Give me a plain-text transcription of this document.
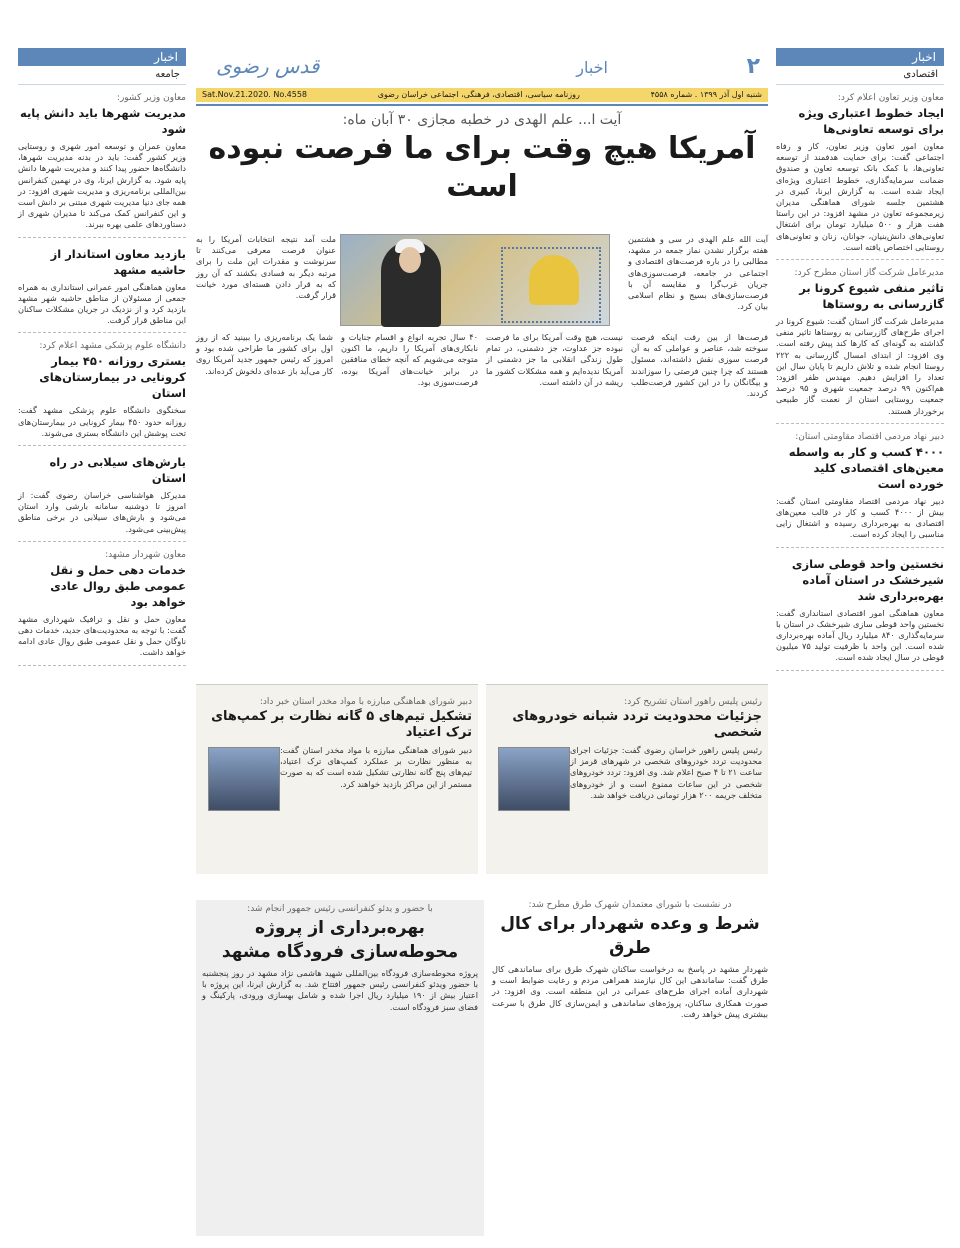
اخبار
اقتصادی
معاون وزیر تعاون اعلام کرد:
ایجاد خطوط اعتباری ویژه برای توسعه تعاونی‌ها
معاون امور تعاون وزیر تعاون، کار و رفاه اجتماعی گفت: برای حمایت هدفمند از توسعه تعاونی‌ها، با کمک بانک توسعه تعاون و صندوق ضمانت سرمایه‌گذاری، خطوط اعتباری ویژه‌ای ایجاد شده است. به گزارش ایرنا، کبیری در هشتمین جلسه شورای هماهنگی مدیران زیرمجموعه تعاون در مشهد افزود: در این راستا هفت هزار و ۵۰۰ میلیارد تومان برای اشتغال تعاونی‌های دانش‌بنیان، جوانان، زنان و تعاونی‌های روستایی اختصاص یافته است.
مدیرعامل شرکت گاز استان مطرح کرد:
تاثیر منفی شیوع کرونا بر گازرسانی به روستاها
مدیرعامل شرکت گاز استان گفت: شیوع کرونا در اجرای طرح‌های گازرسانی به روستاها تاثیر منفی گذاشته به گونه‌ای که کارها کند پیش رفته است. وی افزود: از ابتدای امسال گازرسانی به ۲۲۲ روستا انجام شده و تلاش داریم تا پایان سال این تعداد را افزایش دهیم. مهندس ظفر افزود: هم‌اکنون ۹۹ درصد جمعیت شهری و ۹۵ درصد جمعیت روستایی استان از نعمت گاز طبیعی برخوردار هستند.
دبیر نهاد مردمی اقتصاد مقاومتی استان:
۴۰۰۰ کسب و کار به واسطه معین‌های اقتصادی کلید خورده است
دبیر نهاد مردمی اقتصاد مقاومتی استان گفت: بیش از ۴۰۰۰ کسب و کار در قالب معین‌های اقتصادی به بهره‌برداری رسیده و اشتغال زایی مناسبی را ایجاد کرده است.
نخستین واحد قوطی سازی شیرخشک در استان آماده بهره‌برداری شد
معاون هماهنگی امور اقتصادی استانداری گفت: نخستین واحد قوطی سازی شیرخشک در استان با سرمایه‌گذاری ۸۴۰ میلیارد ریال آماده بهره‌برداری شده است. این واحد با ظرفیت تولید ۷۵ میلیون قوطی در سال ایجاد شده است.
اخبار
جامعه
معاون وزیر کشور:
مدیریت شهرها باید دانش پایه شود
معاون عمران و توسعه امور شهری و روستایی وزیر کشور گفت: باید در بدنه مدیریت شهرها، دانشگاه‌ها حضور پیدا کنند و مدیریت شهرها دانش پایه شود. به گزارش ایرنا، وی در نهمین کنفرانس بین‌المللی برنامه‌ریزی و مدیریت شهری افزود: در همه جای دنیا مدیریت شهری مبتنی بر دانش است و این کنفرانس کمک می‌کند تا مدیران شهری از دستاوردهای علمی بهره ببرند.
بازدید معاون استاندار از حاشیه مشهد
معاون هماهنگی امور عمرانی استانداری به همراه جمعی از مسئولان از مناطق حاشیه شهر مشهد بازدید کرد و از نزدیک در جریان مشکلات ساکنان این مناطق قرار گرفت.
دانشگاه علوم پزشکی مشهد اعلام کرد:
بستری روزانه ۴۵۰ بیمار کرونایی در بیمارستان‌های استان
سخنگوی دانشگاه علوم پزشکی مشهد گفت: روزانه حدود ۴۵۰ بیمار کرونایی در بیمارستان‌های تحت پوشش این دانشگاه بستری می‌شوند.
بارش‌های سیلابی در راه استان
مدیرکل هواشناسی خراسان رضوی گفت: از امروز تا دوشنبه سامانه بارشی وارد استان می‌شود و بارش‌های سیلابی در برخی مناطق پیش‌بینی می‌شود.
معاون شهردار مشهد:
خدمات دهی حمل و نقل عمومی طبق روال عادی خواهد بود
معاون حمل و نقل و ترافیک شهرداری مشهد گفت: با توجه به محدودیت‌های جدید، خدمات دهی ناوگان حمل و نقل عمومی طبق روال عادی ادامه خواهد داشت.
۲
اخبار
قدس رضوی
شنبه اول آذر ۱۳۹۹ . شماره ۴۵۵۸
روزنامه سیاسی، اقتصادی، فرهنگی، اجتماعی خراسان رضوی
Sat.Nov.21.2020. No.4558
آیت ا... علم الهدی در خطبه مجازی ۳۰ آبان ماه:
آمریکا هیچ وقت برای ما فرصت نبوده است
آیت الله علم الهدی در سی و هشتمین هفته برگزار نشدن نماز جمعه در مشهد، مطالبی را در باره فرصت‌های اقتصادی و اجتماعی در جامعه، فرصت‌سوزی‌های جریان غرب‌گرا و مقایسه آن با فرصت‌سازی‌های بسیج و نظام اسلامی بیان کرد.
ملت آمد نتیجه انتخابات آمریکا را به عنوان فرصت معرفی می‌کنند تا سرنوشت و مقدرات این ملت را برای مرتبه دیگر به فسادی بکشند که آن روز که به قرار دادن هسته‌ای مورد خیانت قرار گرفت.
فرصت‌ها از بین رفت اینکه فرصت سوخته شد، عناصر و عواملی که به آن فرصت سوزی نقش داشته‌اند، مسئول هستند که چرا چنین فرصتی را سوزاندند و بیگانگان را در این کشور فرصت‌طلب کردند.
نیست، هیچ وقت آمریکا برای ما فرصت نبوده جز عداوت، جز دشمنی، در تمام طول زندگی انقلابی ما جز دشمنی از آمریکا ندیده‌ایم و همه مشکلات کشور ما ریشه در آن داشته است.
۴۰ سال تجربه انواع و اقسام جنایات و نابکاری‌های آمریکا را داریم، ما اکنون متوجه می‌شویم که آنچه خطای منافقین در برابر خیانت‌های آمریکا بوده، فرصت‌سوزی بود.
شما یک برنامه‌ریزی را ببینید که از روز اول برای کشور ما طراحی شده بود و امروز که رئیس جمهور جدید آمریکا روی کار می‌آید باز عده‌ای دلخوش کرده‌اند.
رئیس پلیس راهور استان تشریح کرد:
جزئیات محدودیت تردد شبانه خودروهای شخصی
رئیس پلیس راهور خراسان رضوی گفت: جزئیات اجرای محدودیت تردد خودروهای شخصی در شهرهای قرمز از ساعت ۲۱ تا ۴ صبح اعلام شد. وی افزود: تردد خودروهای شخصی در این ساعات ممنوع است و از خودروهای متخلف جریمه ۲۰۰ هزار تومانی دریافت خواهد شد.
دبیر شورای هماهنگی مبارزه با مواد مخدر استان خبر داد:
تشکیل تیم‌های ۵ گانه نظارت بر کمپ‌های ترک اعتیاد
دبیر شورای هماهنگی مبارزه با مواد مخدر استان گفت: به منظور نظارت بر عملکرد کمپ‌های ترک اعتیاد، تیم‌های پنج گانه نظارتی تشکیل شده است که به صورت مستمر از این مراکز بازدید خواهند کرد.
در نشست با شورای معتمدان شهرک طرق مطرح شد:
شرط و وعده شهردار برای کال طرق
شهردار مشهد در پاسخ به درخواست ساکنان شهرک طرق برای ساماندهی کال طرق گفت: ساماندهی این کال نیازمند همراهی مردم و رعایت ضوابط است و شهرداری آماده اجرای طرح‌های عمرانی در این منطقه است. وی افزود: در صورت همکاری ساکنان، پروژه‌های ساماندهی و ایمن‌سازی کال طرق با سرعت بیشتری پیش خواهد رفت.
با حضور و یدئو کنفرانسی رئیس جمهور انجام شد:
بهره‌برداری از پروژه محوطه‌سازی فرودگاه مشهد
پروژه محوطه‌سازی فرودگاه بین‌المللی شهید هاشمی نژاد مشهد در روز پنجشنبه با حضور ویدئو کنفرانسی رئیس جمهور افتتاح شد. به گزارش ایرنا، این پروژه با اعتبار بیش از ۱۹۰ میلیارد ریال اجرا شده و شامل بهسازی ورودی، پارکینگ و فضای سبز فرودگاه است.
